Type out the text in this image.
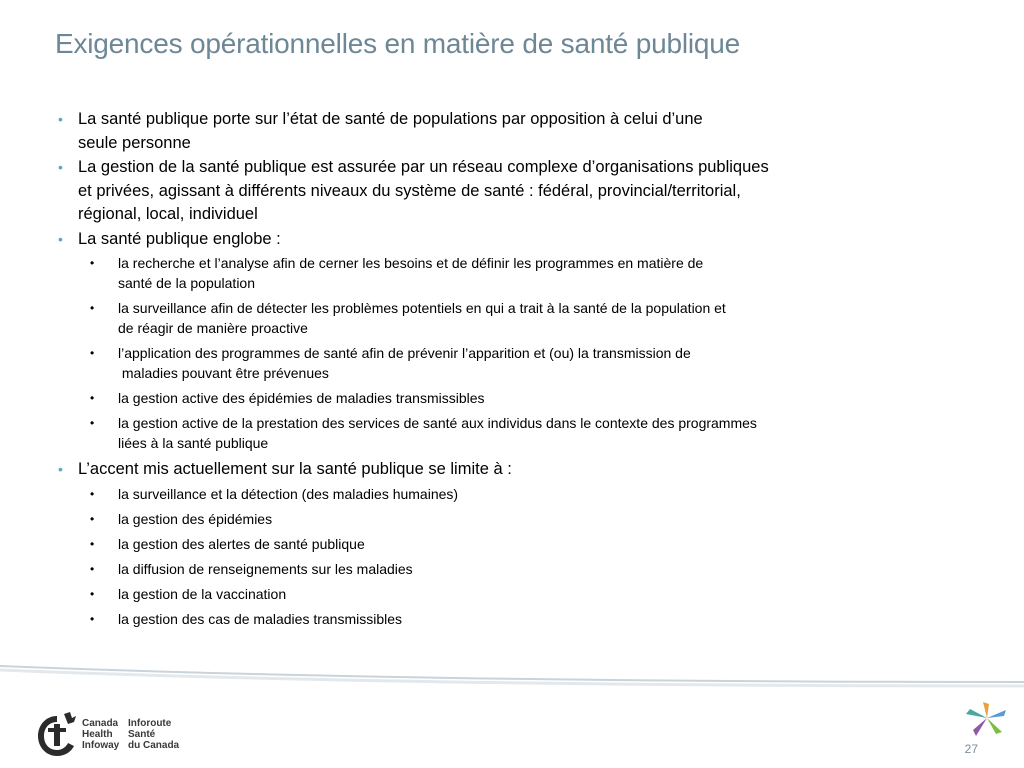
Exigences opérationnelles en matière de santé publique
• La santé publique porte sur l’état de santé de populations par opposition à celui d’une
seule personne
• La gestion de la santé publique est assurée par un réseau complexe d’organisations publiques
et privées, agissant à différents niveaux du système de santé : fédéral, provincial/territorial,
régional, local, individuel
• La santé publique englobe :
• la recherche et l’analyse afin de cerner les besoins et de définir les programmes en matière de
santé de la population
• la surveillance afin de détecter les problèmes potentiels en qui a trait à la santé de la population et
de réagir de manière proactive
• l’application des programmes de santé afin de prévenir l’apparition et (ou) la transmission de
maladies pouvant être prévenues
• la gestion active des épidémies de maladies transmissibles
• la gestion active de la prestation des services de santé aux individus dans le contexte des programmes
liées à la santé publique
• L’accent mis actuellement sur la santé publique se limite à :
• la surveillance et la détection (des maladies humaines)
• la gestion des épidémies
• la gestion des alertes de santé publique
• la diffusion de renseignements sur les maladies
• la gestion de la vaccination
• la gestion des cas de maladies transmissibles
Canada
Health
Infoway
Inforoute
Santé
du Canada	27
